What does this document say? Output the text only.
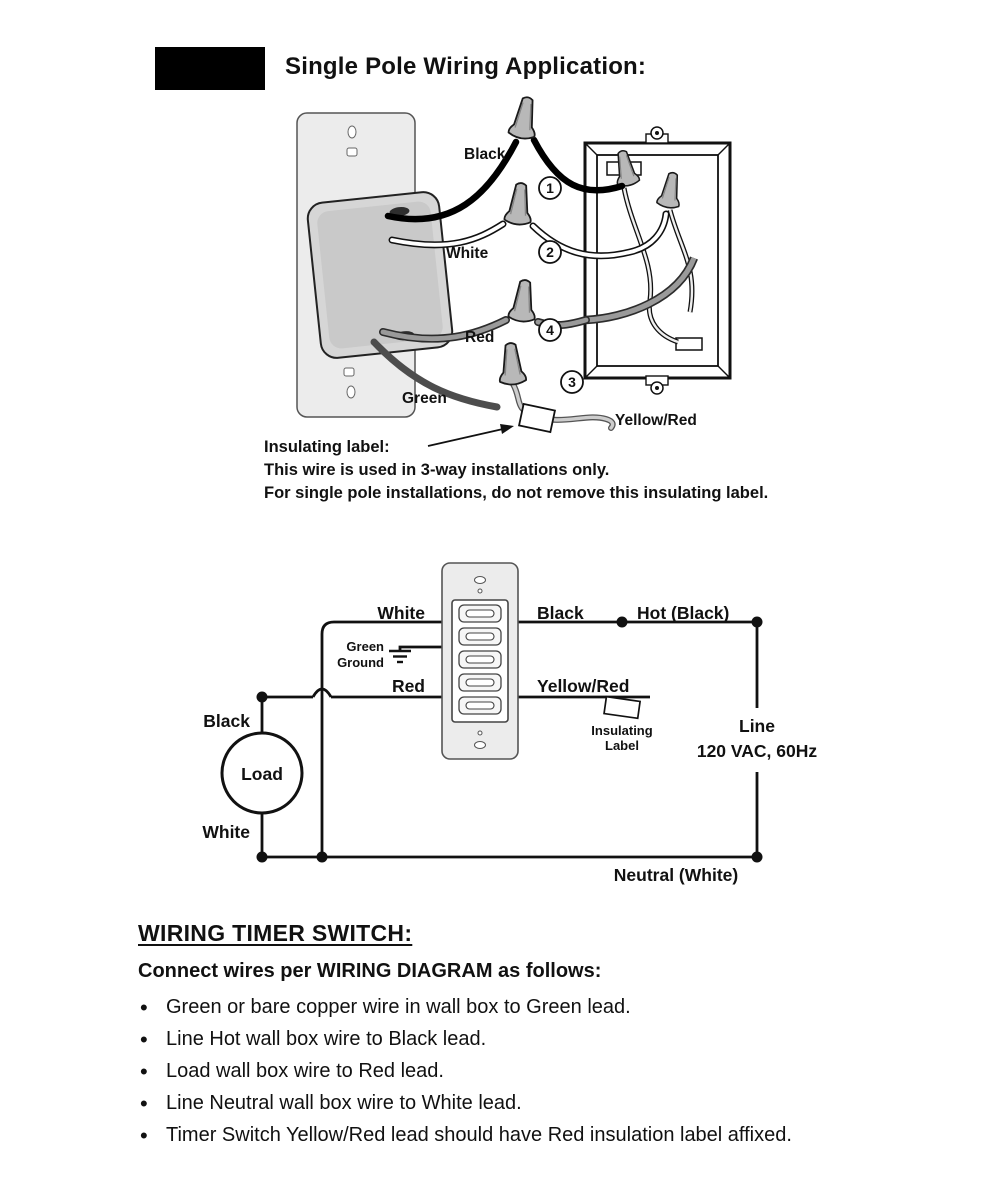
Single Pole Wiring Application:
1
2
4
3
Black
White
Red
Green
Yellow/Red
Insulating label:
This wire is used in 3-way installations only.
For single pole installations, do not remove this insulating label.
Load
White	Black	Hot (Black)
Green
Ground
Red	Yellow/Red
Insulating
Label
Line
120 VAC, 60Hz
Black
White
Neutral (White)
WIRING TIMER SWITCH:

Connect wires per WIRING DIAGRAM as follows:

• Green or bare copper wire in wall box to Green lead.
• Line Hot wall box wire to Black lead.
• Load wall box wire to Red lead.
• Line Neutral wall box wire to White lead.
• Timer Switch Yellow/Red lead should have Red insulation label affixed.
